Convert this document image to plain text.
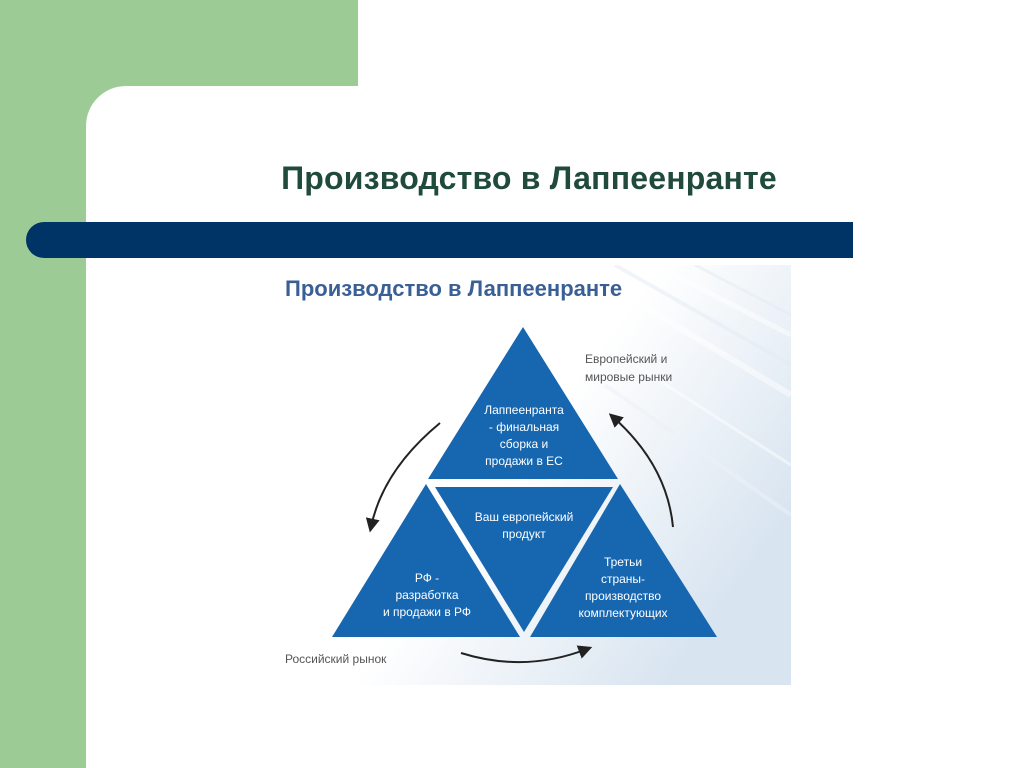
Производство в Лаппеенранте
Производство в Лаппеенранте
Лаппеенранта
- финальная
сборка и
продажи в ЕС
Ваш европейский
продукт
РФ -
разработка
и продажи в РФ
Третьи
страны-
производство
комплектующих
Европейский и
мировые рынки
Российский рынок
